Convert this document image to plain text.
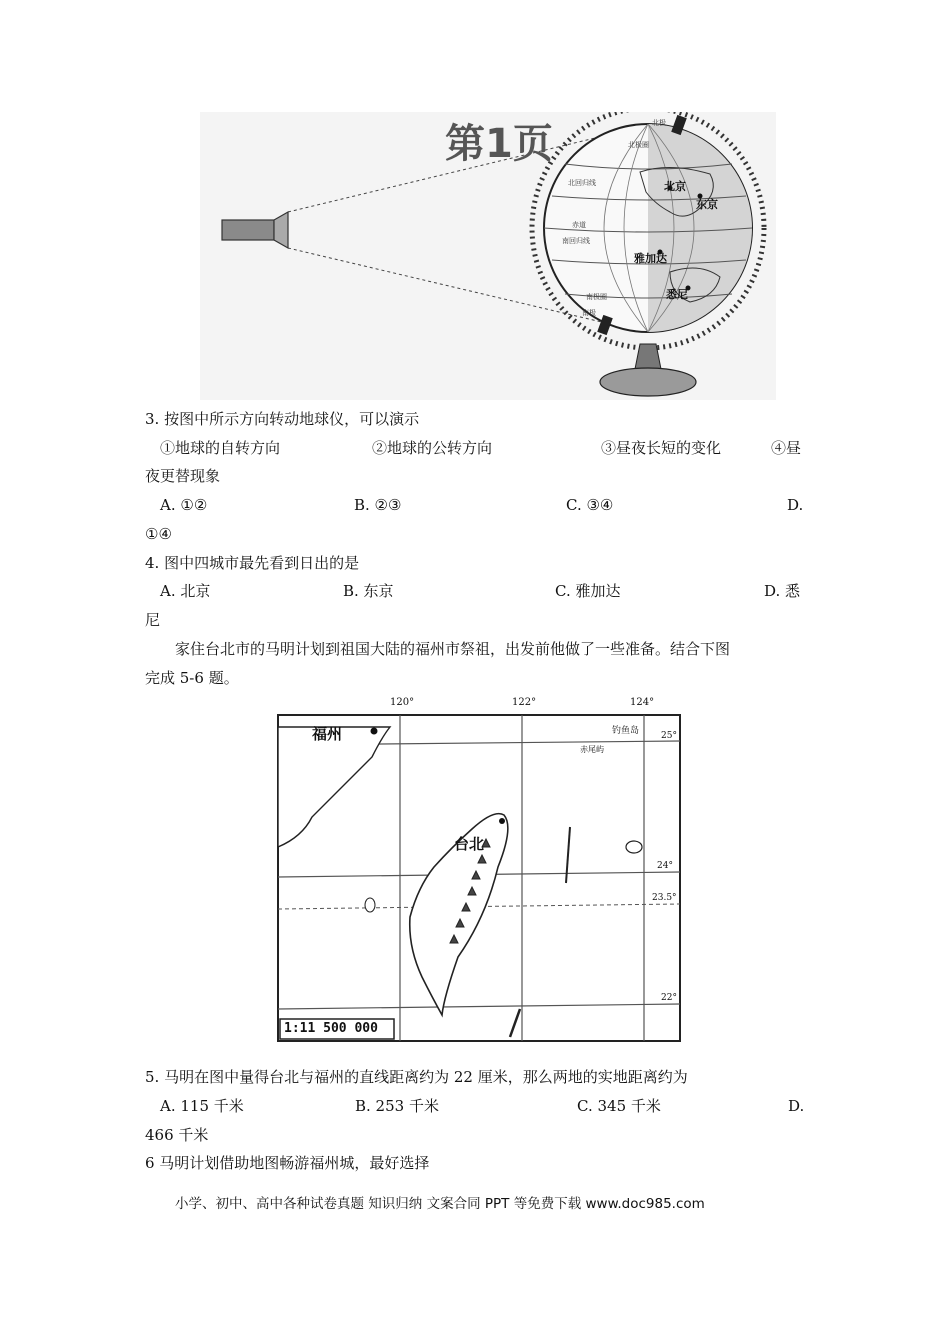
第1页	北极
北极圈
北回归线
赤道
南回归线
南极圈
南极
北京
东京
雅加达
悉尼
3. 按图中所示方向转动地球仪，可以演示
①地球的自转方向	②地球的公转方向	③昼夜长短的变化	④昼
夜更替现象
A. ①②	B. ②③	C. ③④	D.
①④
4. 图中四城市最先看到日出的是
A. 北京	B. 东京	C. 雅加达	D. 悉
尼
家住台北市的马明计划到祖国大陆的福州市祭祖，出发前他做了一些准备。结合下图
完成 5-6 题。
120°	122°	124°
25°
24°
23.5°
22°
福州
台北
钓鱼岛
赤尾屿
1:11 500 000
5. 马明在图中量得台北与福州的直线距离约为 22 厘米，那么两地的实地距离约为
A. 115 千米	B. 253 千米	C. 345 千米	D.
466 千米
6 马明计划借助地图畅游福州城，最好选择
小学、初中、高中各种试卷真题 知识归纳 文案合同 PPT 等免费下载 www.doc985.com
